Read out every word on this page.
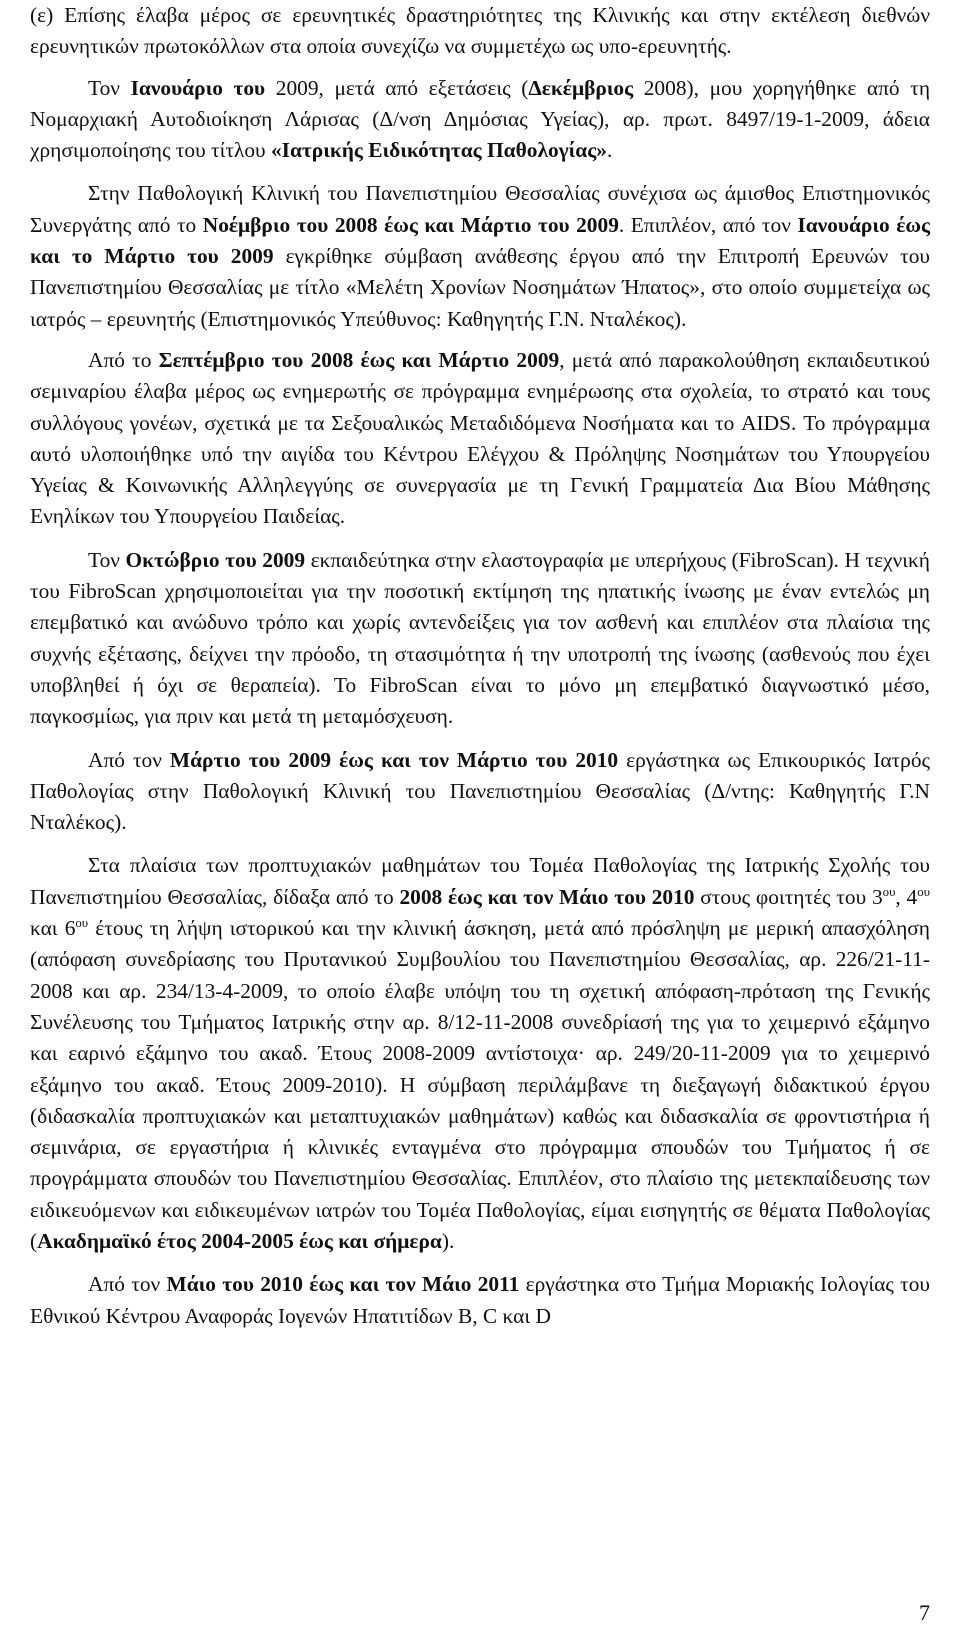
(ε) Επίσης έλαβα μέρος σε ερευνητικές δραστηριότητες της Κλινικής και στην εκτέλεση διεθνών ερευνητικών πρωτοκόλλων στα οποία συνεχίζω να συμμετέχω ως υπο-ερευνητής.

Τον Ιανουάριο του 2009, μετά από εξετάσεις (Δεκέμβριος 2008), μου χορηγήθηκε από τη Νομαρχιακή Αυτοδιοίκηση Λάρισας (Δ/νση Δημόσιας Υγείας), αρ. πρωτ. 8497/19-1-2009, άδεια χρησιμοποίησης του τίτλου «Ιατρικής Ειδικότητας Παθολογίας».

Στην Παθολογική Κλινική του Πανεπιστημίου Θεσσαλίας συνέχισα ως άμισθος Επιστημονικός Συνεργάτης από το Νοέμβριο του 2008 έως και Μάρτιο του 2009. Επιπλέον, από τον Ιανουάριο έως και το Μάρτιο του 2009 εγκρίθηκε σύμβαση ανάθεσης έργου από την Επιτροπή Ερευνών του Πανεπιστημίου Θεσσαλίας με τίτλο «Μελέτη Χρονίων Νοσημάτων Ήπατος», στο οποίο συμμετείχα ως ιατρός – ερευνητής (Επιστημονικός Υπεύθυνος: Καθηγητής Γ.Ν. Νταλέκος).

Από το Σεπτέμβριο του 2008 έως και Μάρτιο 2009, μετά από παρακολούθηση εκπαιδευτικού σεμιναρίου έλαβα μέρος ως ενημερωτής σε πρόγραμμα ενημέρωσης στα σχολεία, το στρατό και τους συλλόγους γονέων, σχετικά με τα Σεξουαλικώς Μεταδιδόμενα Νοσήματα και το AIDS. Το πρόγραμμα αυτό υλοποιήθηκε υπό την αιγίδα του Κέντρου Ελέγχου & Πρόληψης Νοσημάτων του Υπουργείου Υγείας & Κοινωνικής Αλληλεγγύης σε συνεργασία με τη Γενική Γραμματεία Δια Βίου Μάθησης Ενηλίκων του Υπουργείου Παιδείας.

Τον Οκτώβριο του 2009 εκπαιδεύτηκα στην ελαστογραφία με υπερήχους (FibroScan). Η τεχνική του FibroScan χρησιμοποιείται για την ποσοτική εκτίμηση της ηπατικής ίνωσης με έναν εντελώς μη επεμβατικό και ανώδυνο τρόπο και χωρίς αντενδείξεις για τον ασθενή και επιπλέον στα πλαίσια της συχνής εξέτασης, δείχνει την πρόοδο, τη στασιμότητα ή την υποτροπή της ίνωσης (ασθενούς που έχει υποβληθεί ή όχι σε θεραπεία). Το FibroScan είναι το μόνο μη επεμβατικό διαγνωστικό μέσο, παγκοσμίως, για πριν και μετά τη μεταμόσχευση.

Από τον Μάρτιο του 2009 έως και τον Μάρτιο του 2010 εργάστηκα ως Επικουρικός Ιατρός Παθολογίας στην Παθολογική Κλινική του Πανεπιστημίου Θεσσαλίας (Δ/ντης: Καθηγητής Γ.Ν Νταλέκος).

Στα πλαίσια των προπτυχιακών μαθημάτων του Τομέα Παθολογίας της Ιατρικής Σχολής του Πανεπιστημίου Θεσσαλίας, δίδαξα από το 2008 έως και τον Μάιο του 2010 στους φοιτητές του $3^{o\upsilon}$, $4^{o\upsilon}$ και $6^{o\upsilon}$ έτους τη λήψη ιστορικού και την κλινική άσκηση, μετά από πρόσληψη με μερική απασχόληση (απόφαση συνεδρίασης του Πρυτανικού Συμβουλίου του Πανεπιστημίου Θεσσαλίας, αρ. 226/21-11-2008 και αρ. 234/13-4-2009, το οποίο έλαβε υπόψη του τη σχετική απόφαση-πρόταση της Γενικής Συνέλευσης του Τμήματος Ιατρικής στην αρ. 8/12-11-2008 συνεδρίασή της για το χειμερινό εξάμηνο και εαρινό εξάμηνο του ακαδ. Έτους 2008-2009 αντίστοιχα· αρ. 249/20-11-2009 για το χειμερινό εξάμηνο του ακαδ. Έτους 2009-2010). Η σύμβαση περιλάμβανε τη διεξαγωγή διδακτικού έργου (διδασκαλία προπτυχιακών και μεταπτυχιακών μαθημάτων) καθώς και διδασκαλία σε φροντιστήρια ή σεμινάρια, σε εργαστήρια ή κλινικές ενταγμένα στο πρόγραμμα σπουδών του Τμήματος ή σε προγράμματα σπουδών του Πανεπιστημίου Θεσσαλίας. Επιπλέον, στο πλαίσιο της μετεκπαίδευσης των ειδικευόμενων και ειδικευμένων ιατρών του Τομέα Παθολογίας, είμαι εισηγητής σε θέματα Παθολογίας (Ακαδημαϊκό έτος 2004-2005 έως και σήμερα).

Από τον Μάιο του 2010 έως και τον Μάιο 2011 εργάστηκα στο Τμήμα Μοριακής Ιολογίας του Εθνικού Κέντρου Αναφοράς Ιογενών Ηπατιτίδων B, C και D

7
